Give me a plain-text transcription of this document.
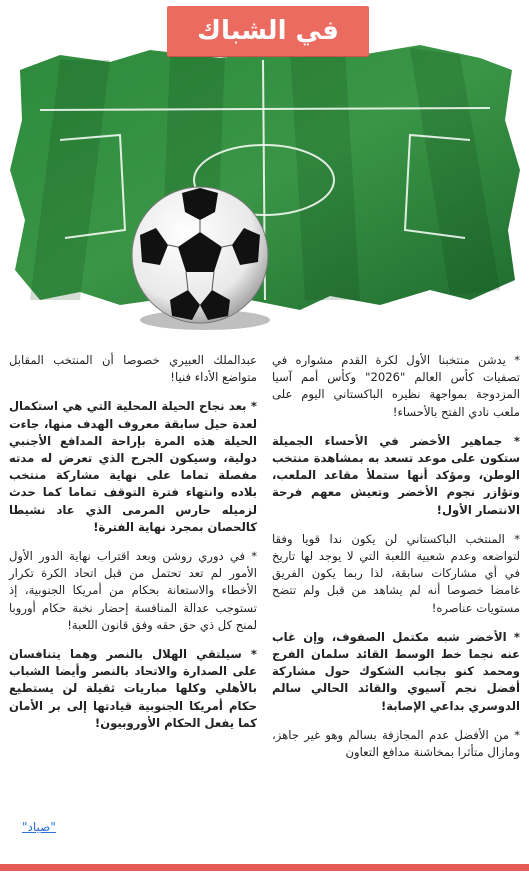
في الشباك

* يدشن منتخبنا الأول لكرة القدم مشواره في تصفيات كأس العالم "2026" وكأس أمم آسيا المزدوجة بمواجهة نظيره الباكستاني اليوم على ملعب نادي الفتح بالأحساء!

* جماهير الأخضر في الأحساء الجميلة ستكون على موعد تسعد به بمشاهدة منتخب الوطن، ومؤكد أنها ستملأ مقاعد الملعب، وتؤازر نجوم الأخضر وتعيش معهم فرحة الانتصار الأول!

* المنتخب الباكستاني لن يكون ندا قويا وفقا لتواضعه وعدم شعبية اللعبة التي لا يوجد لها تاريخ في أي مشاركات سابقة، لذا ربما يكون الفريق غامضا خصوصا أنه لم يشاهد من قبل ولم تتضح مستويات عناصره!

* الأخضر شبه مكتمل الصفوف، وإن غاب عنه نجما خط الوسط القائد سلمان الفرج ومحمد كنو بجانب الشكوك حول مشاركة أفضل نجم آسيوي والقائد الحالي سالم الدوسري بداعي الإصابة!

* من الأفضل عدم المجازفة بسالم وهو غير جاهز، ومازال متأثرا بمخاشنة مدافع التعاون

عبدالملك العبيري خصوصا أن المنتخب المقابل متواضع الأداء فنيا!

* بعد نجاح الحيلة المحلية التي هي استكمال لعدة حيل سابقة معروف الهدف منها، جاءت الحيلة هذه المرة بإراحة المدافع الأجنبي دولية، وسيكون الجرح الذي تعرض له مدته مفصلة تماما على نهاية مشاركة منتخب بلاده وانتهاء فترة التوقف تماما كما حدث لزميله حارس المرمى الذي عاد نشيطا كالحصان بمجرد نهاية الفترة!

* في دوري روشن وبعد اقتراب نهاية الدور الأول الأمور لم تعد تحتمل من قبل اتحاد الكرة تكرار الأخطاء والاستعانة بحكام من أمريكا الجنوبية، إذ تستوجب عدالة المنافسة إحضار نخبة حكام أوروبا لمنح كل ذي حق حقه وفق قانون اللعبة!

* سيلتقي الهلال بالنصر وهما يتنافسان على الصدارة والاتحاد بالنصر وأيضا الشباب بالأهلي وكلها مباريات ثقيلة لن يستطيع حكام أمريكا الجنوبية قيادتها إلى بر الأمان كما يفعل الحكام الأوروبيون!

"صياد"
